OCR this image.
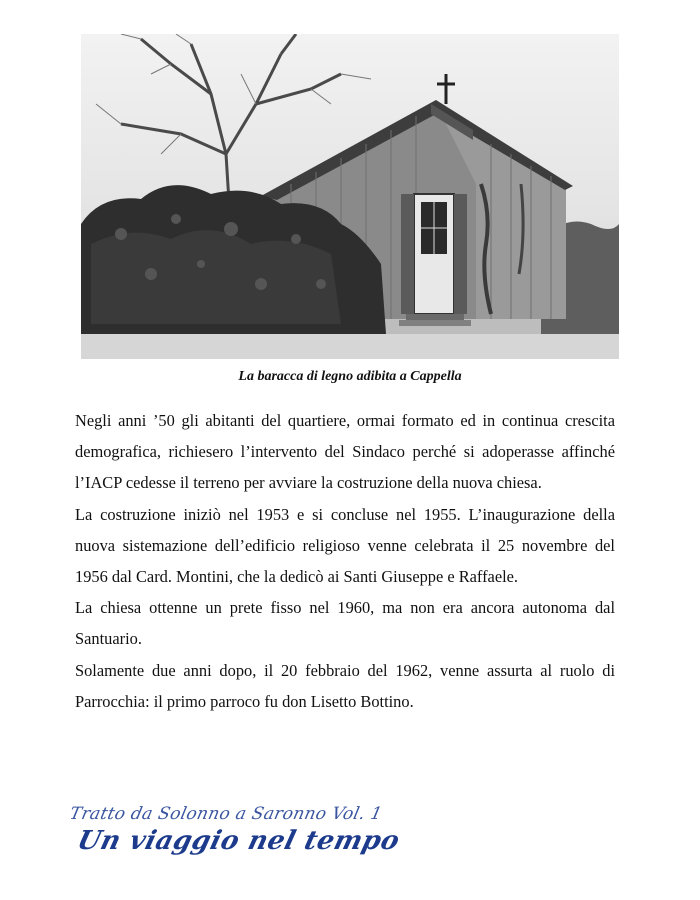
La baracca di legno adibita a Cappella

Negli anni ’50 gli abitanti del quartiere, ormai formato ed in continua crescita demografica, richiesero l’intervento del Sindaco perché si adoperasse affinché l’IACP cedesse il terreno per avviare la costruzione della nuova chiesa.

La costruzione iniziò nel 1953 e si concluse nel 1955. L’inaugurazione della nuova sistemazione dell’edificio religioso venne celebrata il 25 novembre del 1956 dal Card. Montini, che la dedicò ai Santi Giuseppe e Raffaele.

La chiesa ottenne un prete fisso nel 1960, ma non era ancora autonoma dal Santuario.

Solamente due anni dopo, il 20 febbraio del 1962, venne assurta al ruolo di Parrocchia: il primo parroco fu don Lisetto Bottino.

Tratto da Solonno a Saronno Vol. 1
Un viaggio nel tempo
